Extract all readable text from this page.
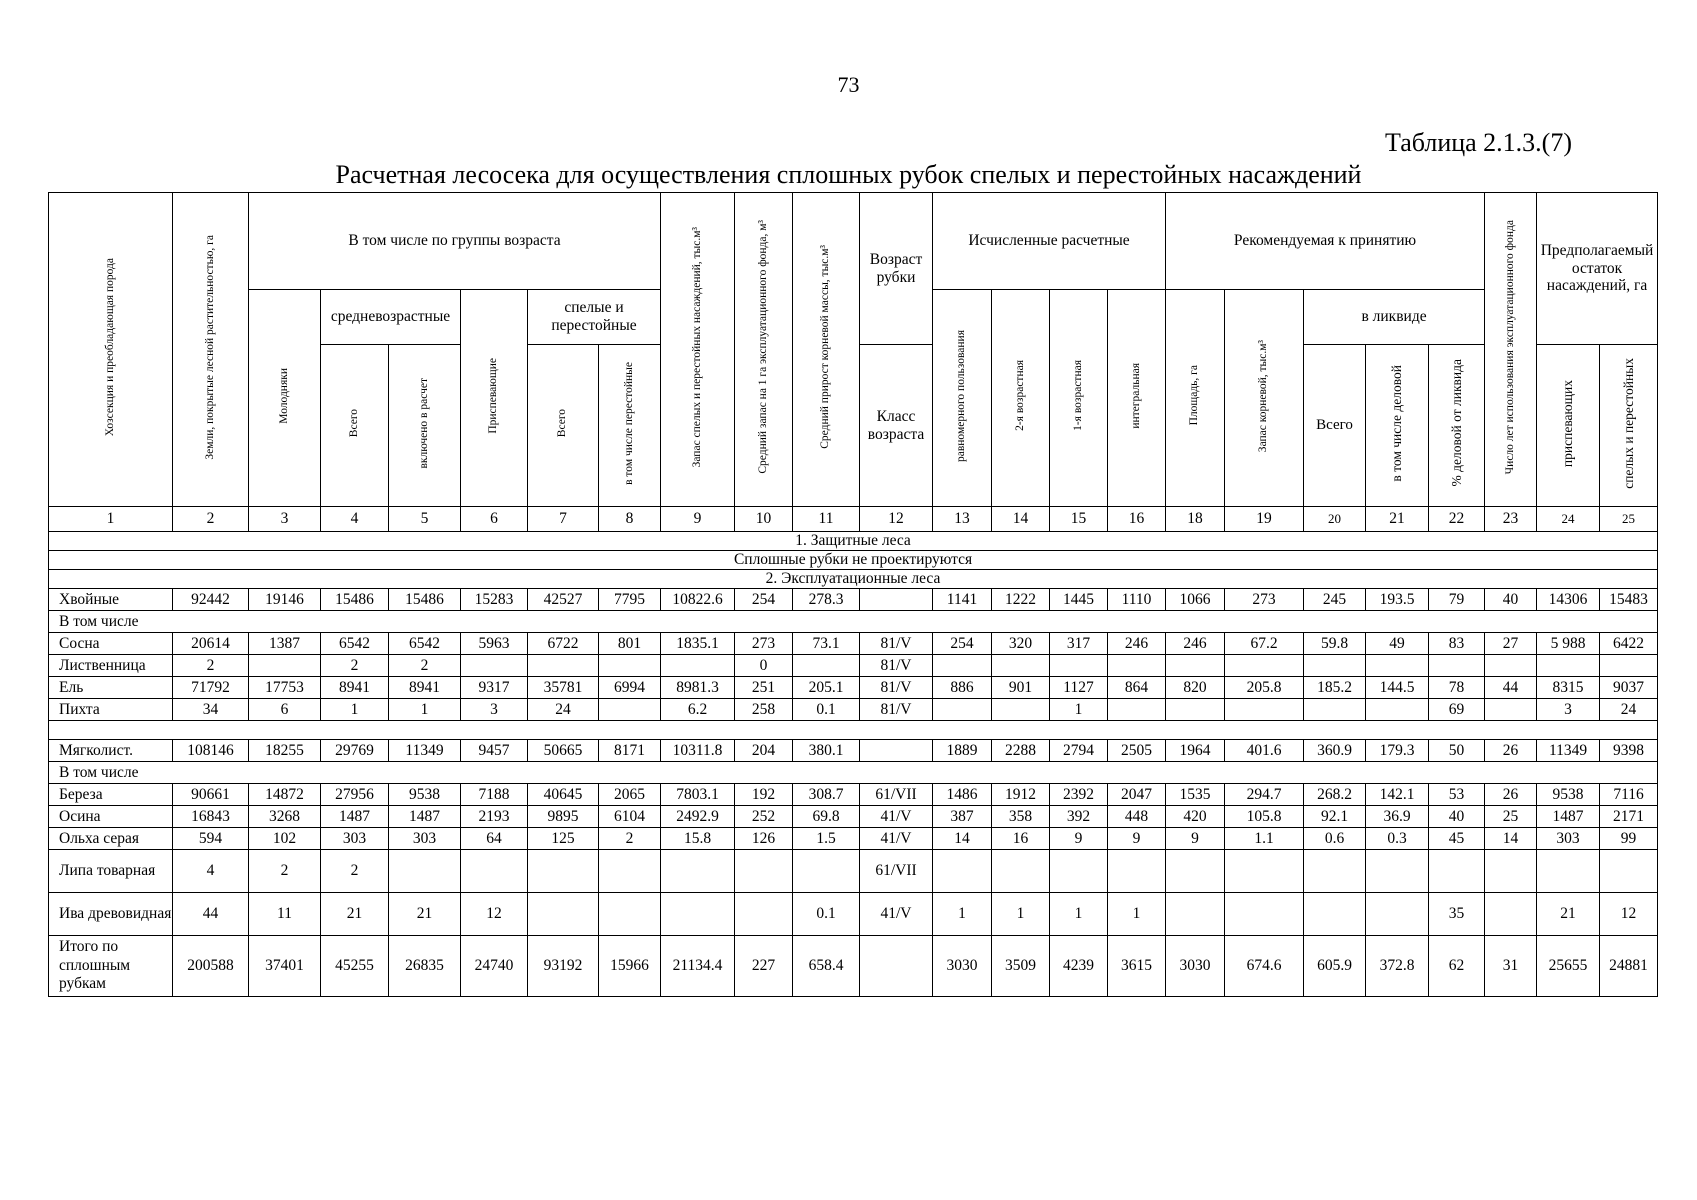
73
Таблица 2.1.3.(7)
Расчетная лесосека для осуществления сплошных рубок спелых и перестойных насаждений
Хозсекция и преобладающая порода	Земли, покрытые лесной растительностью, га	В том числе по группы возраста						Запас спелых и перестойных насаждений, тыс.м³	Средний запас на 1 га эксплуатационного фонда, м³	Средний прирост корневой массы, тыс.м³	Возраст рубки	Исчисленные расчетные				Рекомендуемая к принятию					Число лет использования эксплуатационного фонда	Предполагаемый остаток насаждений, га	
		Молодняки	средневозрастные		Приспевающие	спелые и перестойные						равномерного пользования	2-я возрастная	1-я возрастная	интегральная	Площадь, га	Запас корневой, тыс.м³	в ликвиде					
			Всего	включено в расчет		Всего	в том числе перестойные				Класс возраста							Всего	в том числе деловой	% деловой от ликвида		приспевающих	спелых и перестойных
1	2	3	4	5	6	7	8	9	10	11	12	13	14	15	16	18	19	20	21	22	23	24	25
1. Защитные леса																							
Сплошные рубки не проектируются																							
2. Эксплуатационные леса																							
Хвойные	92442	19146	15486	15486	15283	42527	7795	10822.6	254	278.3		1141	1222	1445	1110	1066	273	245	193.5	79	40	14306	15483
В том числе																							
Сосна	20614	1387	6542	6542	5963	6722	801	1835.1	273	73.1	81/V	254	320	317	246	246	67.2	59.8	49	83	27	5 988	6422
Лиственница	2		2	2					0		81/V												
Ель	71792	17753	8941	8941	9317	35781	6994	8981.3	251	205.1	81/V	886	901	1127	864	820	205.8	185.2	144.5	78	44	8315	9037
Пихта	34	6	1	1	3	24		6.2	258	0.1	81/V			1						69		3	24

Мягколист.	108146	18255	29769	11349	9457	50665	8171	10311.8	204	380.1		1889	2288	2794	2505	1964	401.6	360.9	179.3	50	26	11349	9398
В том числе																							
Береза	90661	14872	27956	9538	7188	40645	2065	7803.1	192	308.7	61/VII	1486	1912	2392	2047	1535	294.7	268.2	142.1	53	26	9538	7116
Осина	16843	3268	1487	1487	2193	9895	6104	2492.9	252	69.8	41/V	387	358	392	448	420	105.8	92.1	36.9	40	25	1487	2171
Ольха серая	594	102	303	303	64	125	2	15.8	126	1.5	41/V	14	16	9	9	9	1.1	0.6	0.3	45	14	303	99
Липа товарная	4	2	2								61/VII												
Ива древовидная	44	11	21	21	12					0.1	41/V	1	1	1	1					35		21	12
Итого по сплошным рубкам	200588	37401	45255	26835	24740	93192	15966	21134.4	227	658.4		3030	3509	4239	3615	3030	674.6	605.9	372.8	62	31	25655	24881
